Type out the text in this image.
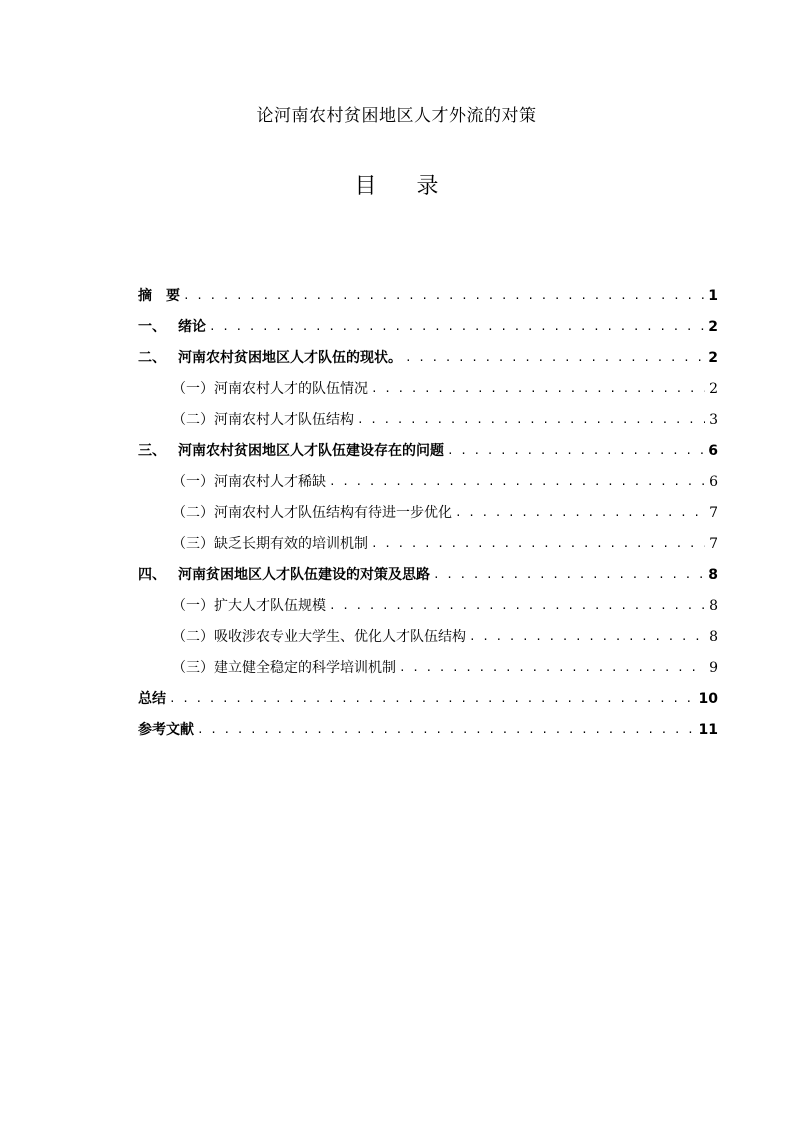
论河南农村贫困地区人才外流的对策
目录
摘　要 . . .	1
一、 绪论 . . .	2
二、 河南农村贫困地区人才队伍的现状。 . . .	2
（一）河南农村人才的队伍情况 . . .	2
（二）河南农村人才队伍结构 . . .	3
三、 河南农村贫困地区人才队伍建设存在的问题 . . .	6
（一）河南农村人才稀缺 . . .	6
（二）河南农村人才队伍结构有待进一步优化 . . .	7
（三）缺乏长期有效的培训机制 . . .	7
四、 河南贫困地区人才队伍建设的对策及思路 . . .	8
（一）扩大人才队伍规模 . . .	8
（二）吸收涉农专业大学生、优化人才队伍结构 . . .	8
（三）建立健全稳定的科学培训机制 . . .	9
总结 . . .	10
参考文献 . . .	11
